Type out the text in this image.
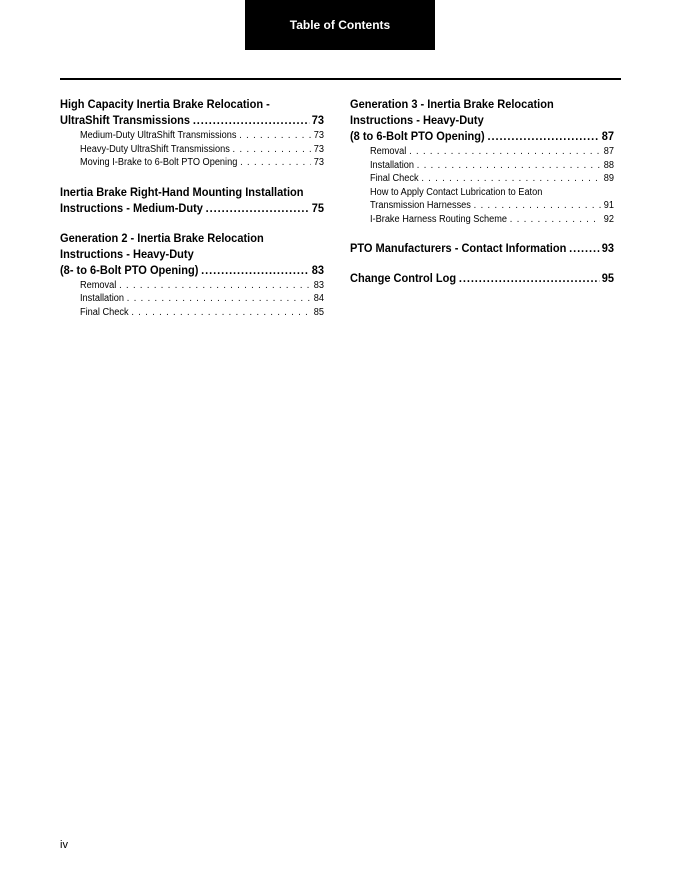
Table of Contents
High Capacity Inertia Brake Relocation -
UltraShift Transmissions .....	73
Medium-Duty UltraShift Transmissions . . .	73
Heavy-Duty UltraShift Transmissions . . .	73
Moving I-Brake to 6-Bolt PTO Opening . . .	73
Inertia Brake Right-Hand Mounting Installation
Instructions - Medium-Duty .....	75
Generation 2 - Inertia Brake Relocation
Instructions - Heavy-Duty
(8- to 6-Bolt PTO Opening) .....	83
Removal . . .	83
Installation . . .	84
Final Check . . .	85
Generation 3 - Inertia Brake Relocation
Instructions - Heavy-Duty
(8 to 6-Bolt PTO Opening) .....	87
Removal . . .	87
Installation . . .	88
Final Check . . .	89
How to Apply Contact Lubrication to Eaton
Transmission Harnesses . . .	91
I-Brake Harness Routing Scheme . . .	92
PTO Manufacturers - Contact Information .....	93
Change Control Log .....	95
iv
